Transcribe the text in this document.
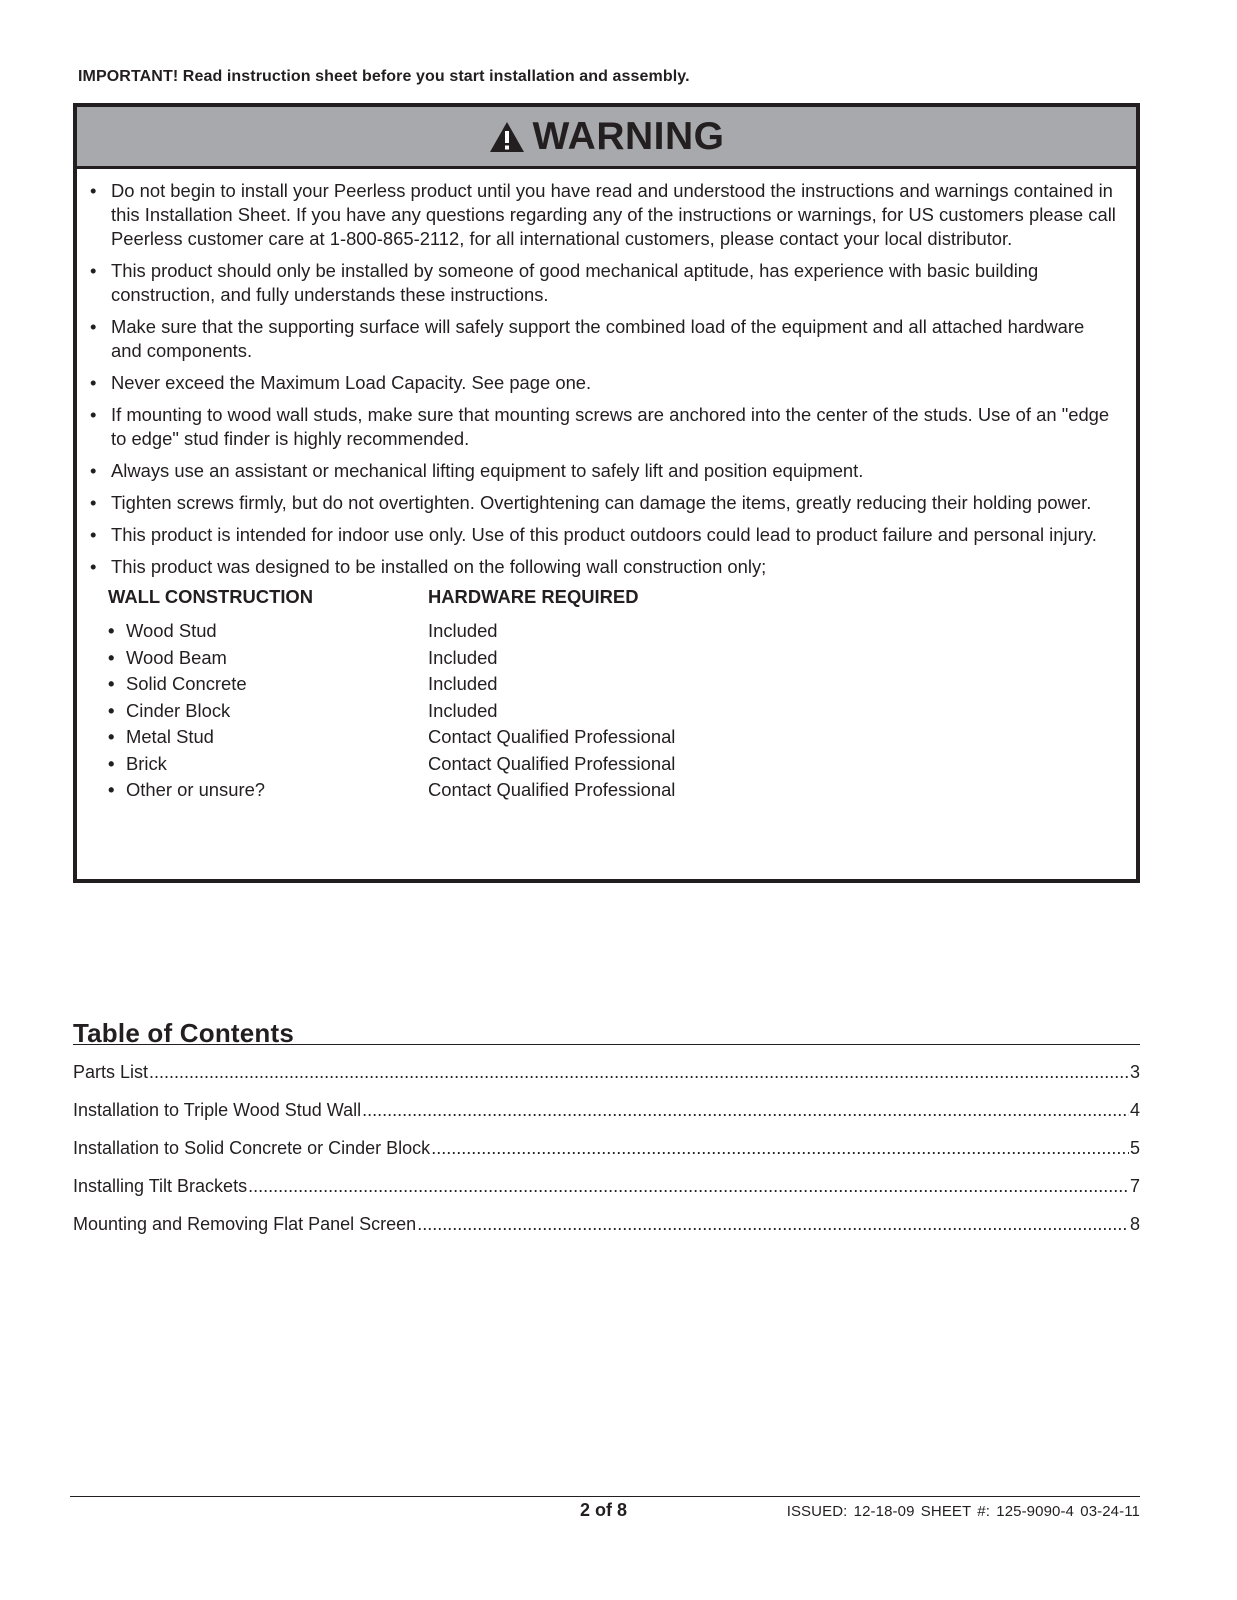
IMPORTANT! Read instruction sheet before you start installation and assembly.
WARNING
• Do not begin to install your Peerless product until you have read and understood the instructions and warnings contained in this Installation Sheet. If you have any questions regarding any of the instructions or warnings, for US customers please call Peerless customer care at 1-800-865-2112, for all international customers, please contact your local distributor.
• This product should only be installed by someone of good mechanical aptitude, has experience with basic building construction, and fully understands these instructions.
• Make sure that the supporting surface will safely support the combined load of the equipment and all attached hardware and components.
• Never exceed the Maximum Load Capacity. See page one.
• If mounting to wood wall studs, make sure that mounting screws are anchored into the center of the studs. Use of an "edge to edge" stud finder is highly recommended.
• Always use an assistant or mechanical lifting equipment to safely lift and position equipment.
• Tighten screws firmly, but do not overtighten. Overtightening can damage the items, greatly reducing their holding power.
• This product is intended for indoor use only. Use of this product outdoors could lead to product failure and personal injury.
• This product was designed to be installed on the following wall construction only;
WALL CONSTRUCTION	HARDWARE REQUIRED
• Wood Stud	Included
• Wood Beam	Included
• Solid Concrete	Included
• Cinder Block	Included
• Metal Stud	Contact Qualified Professional
• Brick	Contact Qualified Professional
• Other or unsure?	Contact Qualified Professional
Table of Contents
Parts List .....	3
Installation to Triple Wood Stud Wall .....	4
Installation to Solid Concrete or Cinder Block .....	5
Installing Tilt Brackets .....	7
Mounting and Removing Flat Panel Screen .....	8
2 of 8	ISSUED: 12-18-09 SHEET #: 125-9090-4 03-24-11
